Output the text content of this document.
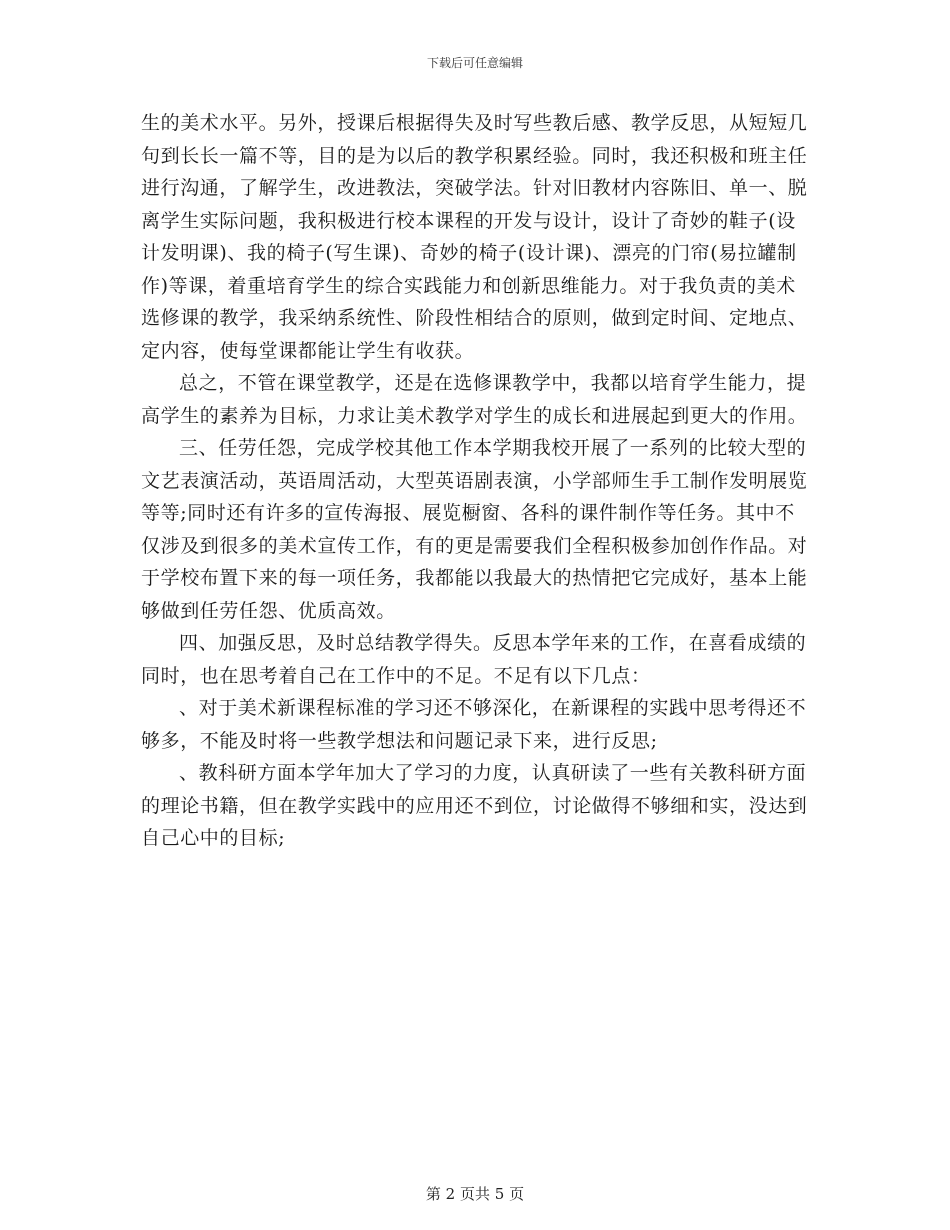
下载后可任意编辑

生的美术水平。另外，授课后根据得失及时写些教后感、教学反思，从短短几句到长长一篇不等，目的是为以后的教学积累经验。同时，我还积极和班主任进行沟通，了解学生，改进教法，突破学法。针对旧教材内容陈旧、单一、脱离学生实际问题，我积极进行校本课程的开发与设计，设计了奇妙的鞋子(设计发明课)、我的椅子(写生课)、奇妙的椅子(设计课)、漂亮的门帘(易拉罐制作)等课，着重培育学生的综合实践能力和创新思维能力。对于我负责的美术选修课的教学，我采纳系统性、阶段性相结合的原则，做到定时间、定地点、定内容，使每堂课都能让学生有收获。

总之，不管在课堂教学，还是在选修课教学中，我都以培育学生能力，提高学生的素养为目标，力求让美术教学对学生的成长和进展起到更大的作用。

三、任劳任怨，完成学校其他工作本学期我校开展了一系列的比较大型的文艺表演活动，英语周活动，大型英语剧表演，小学部师生手工制作发明展览等等;同时还有许多的宣传海报、展览橱窗、各科的课件制作等任务。其中不仅涉及到很多的美术宣传工作，有的更是需要我们全程积极参加创作作品。对于学校布置下来的每一项任务，我都能以我最大的热情把它完成好，基本上能够做到任劳任怨、优质高效。

四、加强反思，及时总结教学得失。反思本学年来的工作，在喜看成绩的同时，也在思考着自己在工作中的不足。不足有以下几点：

、对于美术新课程标准的学习还不够深化，在新课程的实践中思考得还不够多，不能及时将一些教学想法和问题记录下来，进行反思;

、教科研方面本学年加大了学习的力度，认真研读了一些有关教科研方面的理论书籍，但在教学实践中的应用还不到位，讨论做得不够细和实，没达到自己心中的目标;

第 2 页共 5 页
